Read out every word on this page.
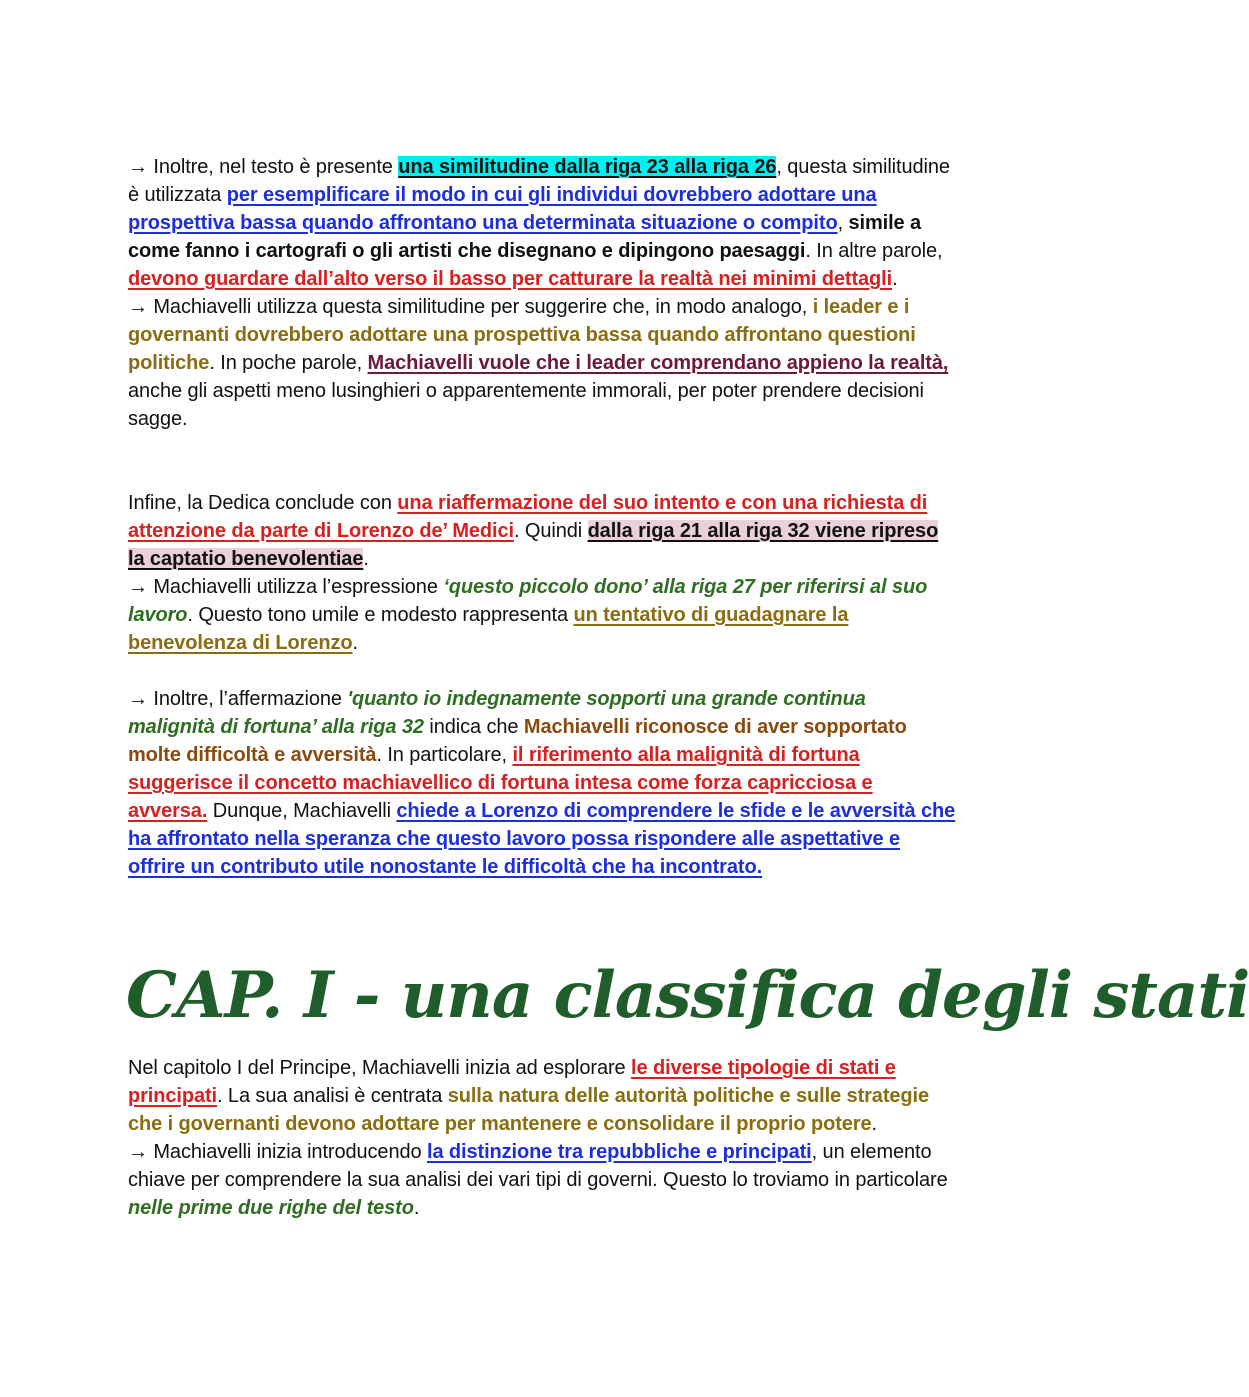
→ Inoltre, nel testo è presente una similitudine dalla riga 23 alla riga 26, questa similitudine è utilizzata per esemplificare il modo in cui gli individui dovrebbero adottare una prospettiva bassa quando affrontano una determinata situazione o compito, simile a come fanno i cartografi o gli artisti che disegnano e dipingono paesaggi. In altre parole, devono guardare dall’alto verso il basso per catturare la realtà nei minimi dettagli.

→ Machiavelli utilizza questa similitudine per suggerire che, in modo analogo, i leader e i governanti dovrebbero adottare una prospettiva bassa quando affrontano questioni politiche. In poche parole, Machiavelli vuole che i leader comprendano appieno la realtà, anche gli aspetti meno lusinghieri o apparentemente immorali, per poter prendere decisioni sagge.

Infine, la Dedica conclude con una riaffermazione del suo intento e con una richiesta di attenzione da parte di Lorenzo de’ Medici. Quindi dalla riga 21 alla riga 32 viene ripreso la captatio benevolentiae.

→ Machiavelli utilizza l’espressione ‘questo piccolo dono’ alla riga 27 per riferirsi al suo lavoro. Questo tono umile e modesto rappresenta un tentativo di guadagnare la benevolenza di Lorenzo.

→ Inoltre, l’affermazione 'quanto io indegnamente sopporti una grande continua malignità di fortuna’ alla riga 32 indica che Machiavelli riconosce di aver sopportato molte difficoltà e avversità. In particolare, il riferimento alla malignità di fortuna suggerisce il concetto machiavellico di fortuna intesa come forza capricciosa e avversa. Dunque, Machiavelli chiede a Lorenzo di comprendere le sfide e le avversità che ha affrontato nella speranza che questo lavoro possa rispondere alle aspettative e offrire un contributo utile nonostante le difficoltà che ha incontrato.

CAP. I - una classifica degli stati

Nel capitolo I del Principe, Machiavelli inizia ad esplorare le diverse tipologie di stati e principati. La sua analisi è centrata sulla natura delle autorità politiche e sulle strategie che i governanti devono adottare per mantenere e consolidare il proprio potere.

→ Machiavelli inizia introducendo la distinzione tra repubbliche e principati, un elemento chiave per comprendere la sua analisi dei vari tipi di governi. Questo lo troviamo in particolare nelle prime due righe del testo.
